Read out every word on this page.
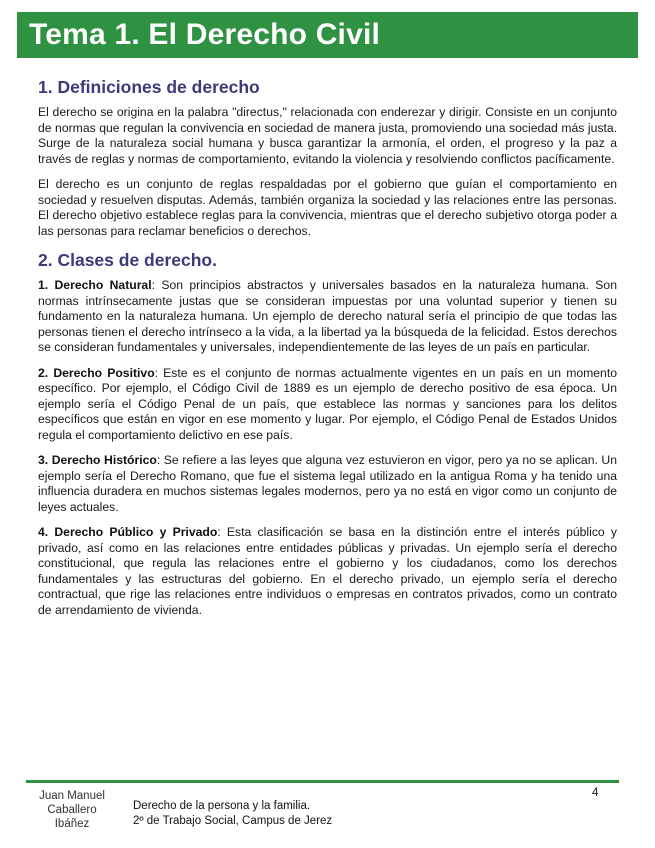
Tema 1. El Derecho Civil
1. Definiciones de derecho

El derecho se origina en la palabra "directus," relacionada con enderezar y dirigir. Consiste en un conjunto de normas que regulan la convivencia en sociedad de manera justa, promoviendo una sociedad más justa. Surge de la naturaleza social humana y busca garantizar la armonía, el orden, el progreso y la paz a través de reglas y normas de comportamiento, evitando la violencia y resolviendo conflictos pacíficamente.

El derecho es un conjunto de reglas respaldadas por el gobierno que guían el comportamiento en sociedad y resuelven disputas. Además, también organiza la sociedad y las relaciones entre las personas. El derecho objetivo establece reglas para la convivencia, mientras que el derecho subjetivo otorga poder a las personas para reclamar beneficios o derechos.

2. Clases de derecho.

1. Derecho Natural: Son principios abstractos y universales basados en la naturaleza humana. Son normas intrínsecamente justas que se consideran impuestas por una voluntad superior y tienen su fundamento en la naturaleza humana. Un ejemplo de derecho natural sería el principio de que todas las personas tienen el derecho intrínseco a la vida, a la libertad ya la búsqueda de la felicidad. Estos derechos se consideran fundamentales y universales, independientemente de las leyes de un país en particular.

2. Derecho Positivo: Este es el conjunto de normas actualmente vigentes en un país en un momento específico. Por ejemplo, el Código Civil de 1889 es un ejemplo de derecho positivo de esa época. Un ejemplo sería el Código Penal de un país, que establece las normas y sanciones para los delitos específicos que están en vigor en ese momento y lugar. Por ejemplo, el Código Penal de Estados Unidos regula el comportamiento delictivo en ese país.

3. Derecho Histórico: Se refiere a las leyes que alguna vez estuvieron en vigor, pero ya no se aplican. Un ejemplo sería el Derecho Romano, que fue el sistema legal utilizado en la antigua Roma y ha tenido una influencia duradera en muchos sistemas legales modernos, pero ya no está en vigor como un conjunto de leyes actuales.

4. Derecho Público y Privado: Esta clasificación se basa en la distinción entre el interés público y privado, así como en las relaciones entre entidades públicas y privadas. Un ejemplo sería el derecho constitucional, que regula las relaciones entre el gobierno y los ciudadanos, como los derechos fundamentales y las estructuras del gobierno. En el derecho privado, un ejemplo sería el derecho contractual, que rige las relaciones entre individuos o empresas en contratos privados, como un contrato de arrendamiento de vivienda.

Juan Manuel
Caballero
Ibáñez
Derecho de la persona y la familia.
2º de Trabajo Social, Campus de Jerez
4
